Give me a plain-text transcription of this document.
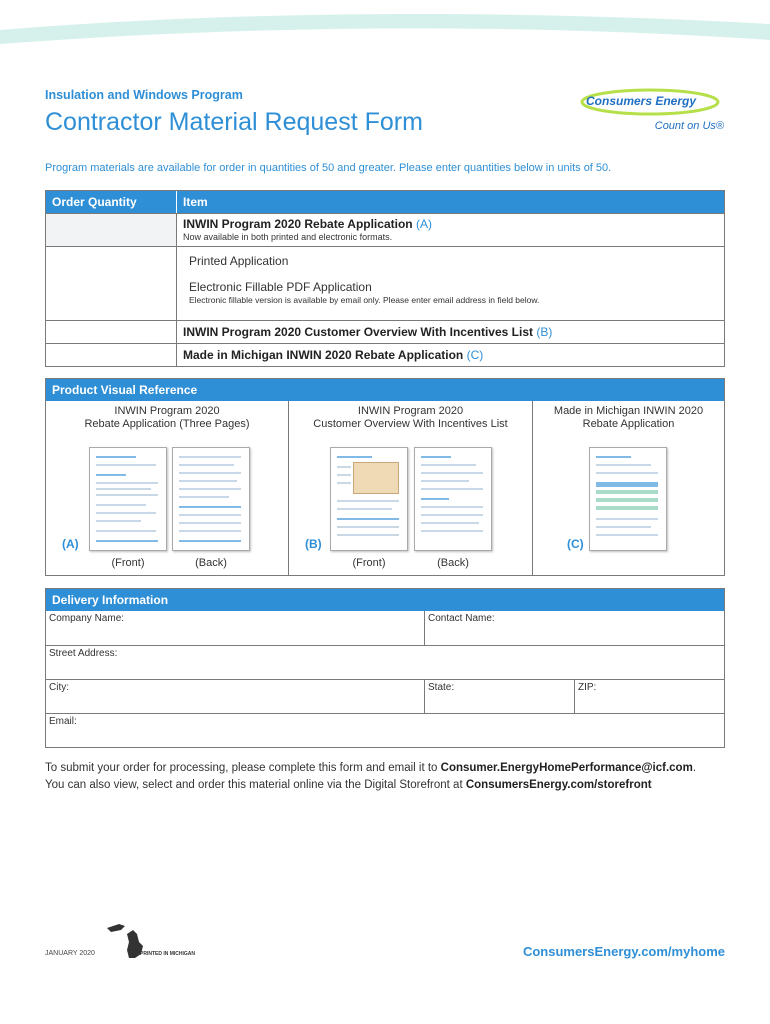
Insulation and Windows Program
Contractor Material Request Form
Consumers Energy
Count on Us®
Program materials are available for order in quantities of 50 and greater. Please enter quantities below in units of 50.
Order Quantity	Item
INWIN Program 2020 Rebate Application (A)
Now available in both printed and electronic formats.
Printed Application
Electronic Fillable PDF Application
Electronic fillable version is available by email only. Please enter email address in field below.
INWIN Program 2020 Customer Overview With Incentives List (B)
Made in Michigan INWIN 2020 Rebate Application (C)
Product Visual Reference
INWIN Program 2020
Rebate Application (Three Pages)
(A)
(Front)	(Back)
INWIN Program 2020
Customer Overview With Incentives List
(B)
(Front)	(Back)
Made in Michigan INWIN 2020
Rebate Application
(C)
Delivery Information
Company Name:	Contact Name:
Street Address:
City:	State:	ZIP:
Email:
To submit your order for processing, please complete this form and email it to Consumer.EnergyHomePerformance@icf.com.
You can also view, select and order this material online via the Digital Storefront at ConsumersEnergy.com/storefront
JANUARY 2020	PRINTED IN MICHIGAN	ConsumersEnergy.com/myhome
